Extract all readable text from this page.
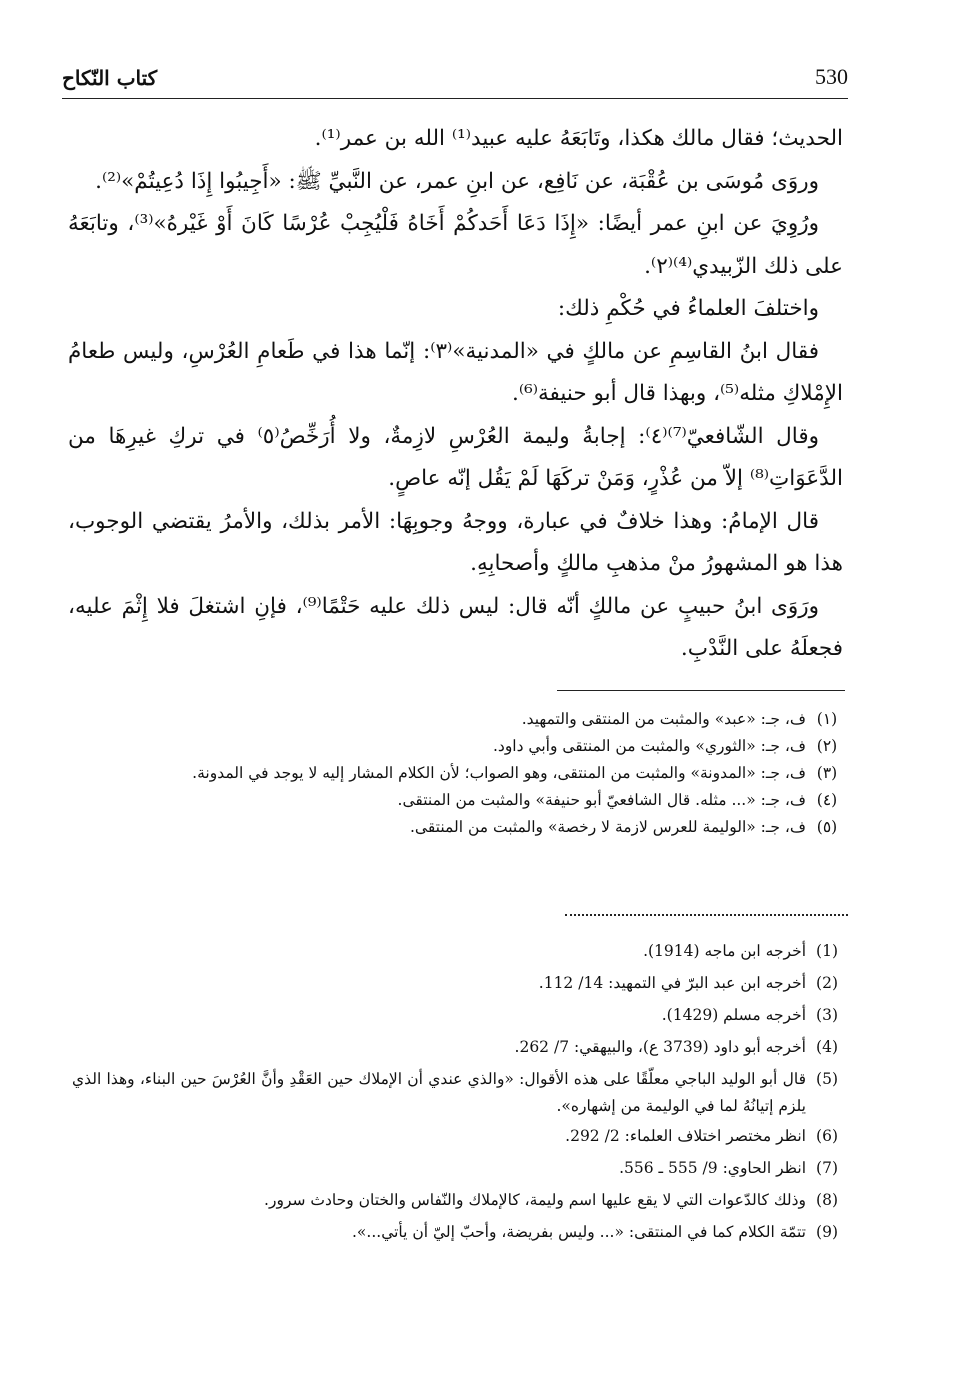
530
كتاب النّكاح

الحديث؛ فقال مالك هكذا، وتَابَعَهُ عليه عبيد⁽¹⁾ الله بن عمر⁽¹⁾.

وروَى مُوسَى بن عُقْبَة، عن نَافِع، عن ابنِ عمر، عن النَّبيِّ ﷺ: «أَجِيبُوا إِذَا دُعِيتُمْ»⁽²⁾.

ورُوِيَ عن ابنِ عمر أيضًا: «إِذَا دَعَا أَحَدكُمْ أَخَاهُ فَلْيُجِبْ عُرْسًا كَانَ أَوْ غَيْرهُ»⁽³⁾، وتابَعَهُ على ذلك الزّبيدي⁽⁴⁾⁽٢⁾.

واختلفَ العلماءُ في حُكْمِ ذلك:

فقال ابنُ القاسِمِ عن مالكٍ في «المدنية»⁽٣⁾: إنّما هذا في طَعامِ العُرْسِ، وليس طعامُ الإِمْلاكِ مثله⁽⁵⁾، وبهذا قال أبو حنيفة⁽⁶⁾.

وقال الشّافعيّ⁽⁷⁾⁽٤⁾: إجابةُ وليمة العُرْسِ لازِمةٌ، ولا أُرَخِّصُ⁽٥⁾ في تركِ غيرِهَا من الدَّعَوَاتِ⁽⁸⁾ إلاّ من عُذْرٍ، وَمَنْ تركَهَا لَمْ يَقُل إنّه عاصٍ.

قال الإمامُ: وهذا خلافٌ في عبارة، ووجهُ وجوبِهَا: الأمر بذلك، والأمرُ يقتضي الوجوب، هذا هو المشهورُ منْ مذهبِ مالكٍ وأصحابِهِ.

ورَوَى ابنُ حبيبٍ عن مالكٍ أنّه قال: ليس ذلك عليه حَتْمًا⁽⁹⁾، فإنِ اشتغلَ فلا إِثْمَ عليه، فجعلَهُ على النَّدْبِ.

(١)
ف، جـ: «عبد» والمثبت من المنتقى والتمهيد.
(٢)
ف، جـ: «الثوري» والمثبت من المنتقى وأبي داود.
(٣)
ف، جـ: «المدونة» والمثبت من المنتقى، وهو الصواب؛ لأن الكلام المشار إليه لا يوجد في المدونة.
(٤)
ف، جـ: «... مثله. قال الشافعيّ أبو حنيفة» والمثبت من المنتقى.
(٥)
ف، جـ: «الوليمة للعرس لازمة لا رخصة» والمثبت من المنتقى.
(1)
أخرجه ابن ماجه (1914).
(2)
أخرجه ابن عبد البرّ في التمهيد: 14/ 112.
(3)
أخرجه مسلم (1429).
(4)
أخرجه أبو داود (3739 ع)، والبيهقي: 7/ 262.
(5)
قال أبو الوليد الباجي معلّقًا على هذه الأقوال: «والذي عندي أن الإملاك حين العَقْدِ وأنَّ العُرْسَ حين البناء، وهذا الذي يلزم إتيانُهُ لما في الوليمة من إشهاره».
(6)
انظر مختصر اختلاف العلماء: 2/ 292.
(7)
انظر الحاوي: 9/ 555 ـ 556.
(8)
وذلك كالدّعوات التي لا يقع عليها اسم وليمة، كالإملاك والنّفاس والختان وحادث سرور.
(9)
تتمّة الكلام كما في المنتقى: «... وليس بفريضة، وأحبّ إليّ أن يأتي...».
